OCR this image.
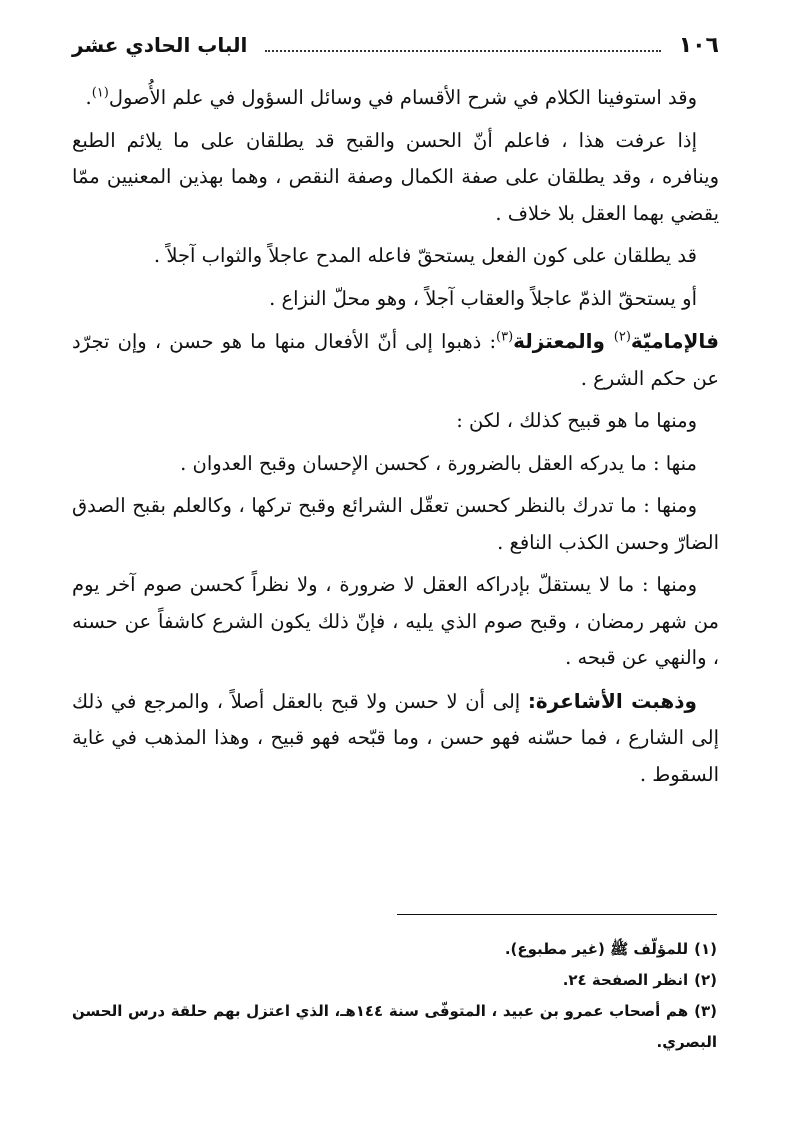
١٠٦
الباب الحادي عشر

وقد استوفينا الكلام في شرح الأقسام في وسائل السؤول في علم الأُصول$^{(١)}$.

إذا عرفت هذا ، فاعلم أنّ الحسن والقبح قد يطلقان على ما يلائم الطبع وينافره ، وقد يطلقان على صفة الكمال وصفة النقص ، وهما بهذين المعنيين ممّا يقضي بهما العقل بلا خلاف .

قد يطلقان على كون الفعل يستحقّ فاعله المدح عاجلاً والثواب آجلاً .

أو يستحقّ الذمّ عاجلاً والعقاب آجلاً ، وهو محلّ النزاع .

فالإماميّة$^{(٢)}$ والمعتزلة$^{(٣)}$: ذهبوا إلى أنّ الأفعال منها ما هو حسن ، وإن تجرّد عن حكم الشرع .

ومنها ما هو قبيح كذلك ، لكن :

منها : ما يدركه العقل بالضرورة ، كحسن الإحسان وقبح العدوان .

ومنها : ما تدرك بالنظر كحسن تعقّل الشرائع وقبح تركها ، وكالعلم بقبح الصدق الضارّ وحسن الكذب النافع .

ومنها : ما لا يستقلّ بإدراكه العقل لا ضرورة ، ولا نظراً كحسن صوم آخر يوم من شهر رمضان ، وقبح صوم الذي يليه ، فإنّ ذلك يكون الشرع كاشفاً عن حسنه ، والنهي عن قبحه .

وذهبت الأشاعرة: إلى أن لا حسن ولا قبح بالعقل أصلاً ، والمرجع في ذلك إلى الشارع ، فما حسّنه فهو حسن ، وما قبّحه فهو قبيح ، وهذا المذهب في غاية السقوط .

(١)للمؤلّف ﷺ (غير مطبوع).

(٢)انظر الصفحة ٢٤.

(٣)هم أصحاب عمرو بن عبيد ، المتوفّى سنة ١٤٤هـ، الذي اعتزل بهم حلقة درس الحسن البصري.
